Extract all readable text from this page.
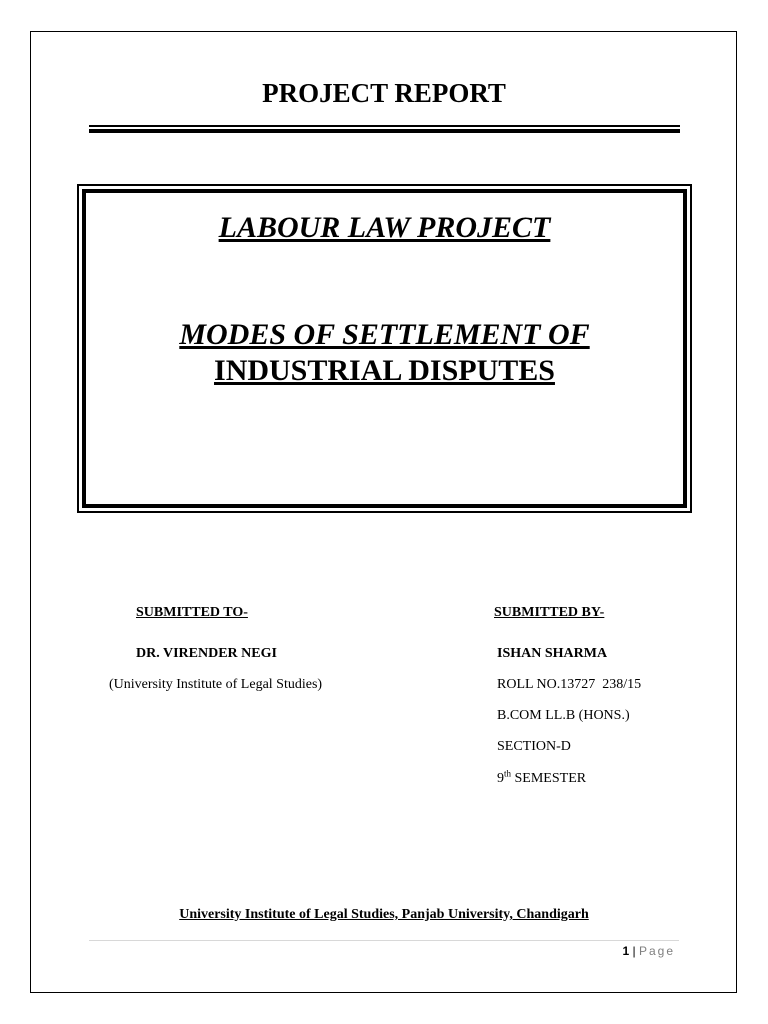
PROJECT REPORT
LABOUR LAW PROJECT
MODES OF SETTLEMENT OF
INDUSTRIAL DISPUTES
SUBMITTED TO-
DR. VIRENDER NEGI
(University Institute of Legal Studies)
SUBMITTED BY-
ISHAN SHARMA
ROLL NO.13727  238/15
B.COM LL.B (HONS.)
SECTION-D
9th SEMESTER
University Institute of Legal Studies, Panjab University, Chandigarh
1 | Page
